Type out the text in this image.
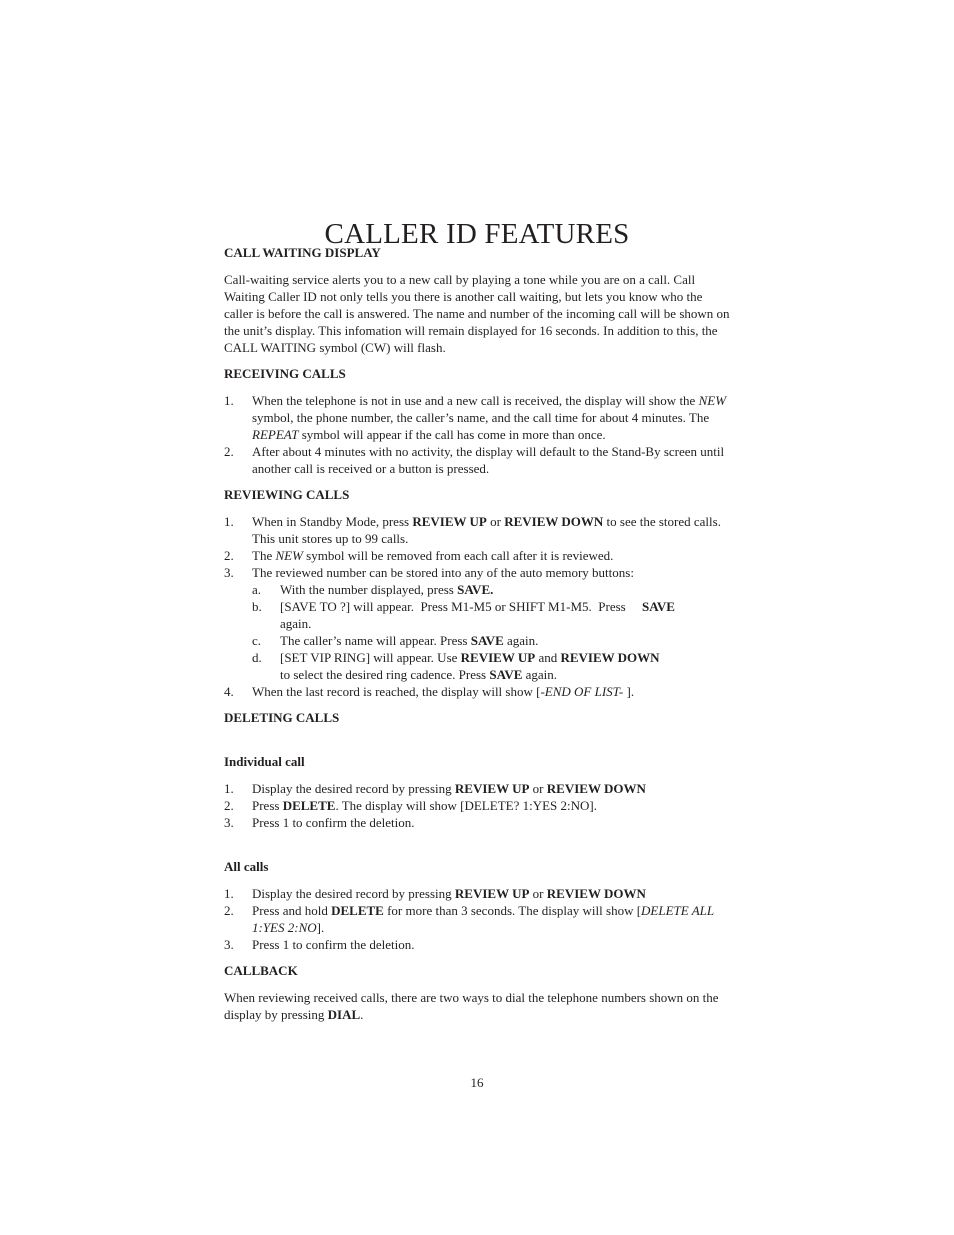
CALLER ID FEATURES
CALL WAITING DISPLAY

Call-waiting service alerts you to a new call by playing a tone while you are on a call. Call Waiting Caller ID not only tells you there is another call waiting, but lets you know who the caller is before the call is answered. The name and number of the incoming call will be shown on the unit’s display. This infomation will remain displayed for 16 seconds. In addition to this, the CALL WAITING symbol (CW) will flash.

RECEIVING CALLS
1. When the telephone is not in use and a new call is received, the display will show the NEW symbol, the phone number, the caller’s name, and the call time for about 4 minutes. The REPEAT symbol will appear if the call has come in more than once.
2. After about 4 minutes with no activity, the display will default to the Stand-By screen until another call is received or a button is pressed.
REVIEWING CALLS
1. When in Standby Mode, press REVIEW UP or REVIEW DOWN to see the stored calls. This unit stores up to 99 calls.
2. The NEW symbol will be removed from each call after it is reviewed.
3. The reviewed number can be stored into any of the auto memory buttons:
a. With the number displayed, press SAVE.
b. [SAVE TO ?] will appear.  Press M1-M5 or SHIFT M1-M5.  Press     SAVE
again.
c. The caller’s name will appear. Press SAVE again.
d. [SET VIP RING] will appear. Use REVIEW UP and REVIEW DOWN
to select the desired ring cadence. Press SAVE again.
4. When the last record is reached, the display will show [-END OF LIST- ].
DELETING CALLS
Individual call
1. Display the desired record by pressing REVIEW UP or REVIEW DOWN
2. Press DELETE. The display will show [DELETE? 1:YES 2:NO].
3. Press 1 to confirm the deletion.
All calls
1. Display the desired record by pressing REVIEW UP or REVIEW DOWN
2. Press and hold DELETE for more than 3 seconds. The display will show [DELETE ALL 1:YES 2:NO].
3. Press 1 to confirm the deletion.
CALLBACK

When reviewing received calls, there are two ways to dial the telephone numbers shown on the display by pressing DIAL.

16
